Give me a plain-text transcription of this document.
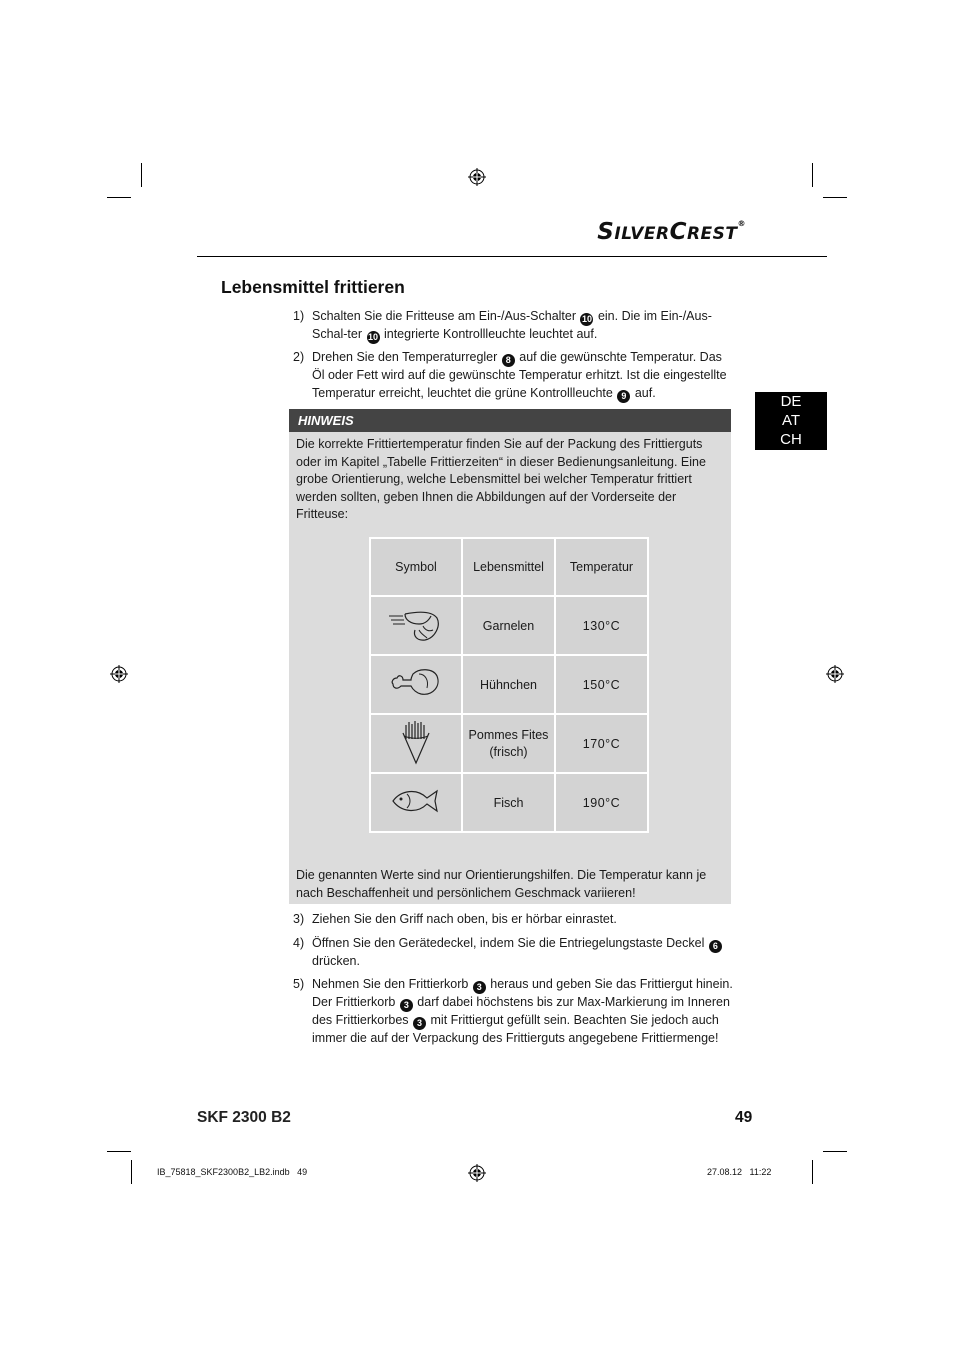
SILVERCREST®
Lebensmittel frittieren
1) Schalten Sie die Fritteuse am Ein-/Aus-Schalter 10 ein. Die im Ein-/Aus-Schal-ter 10 integrierte Kontrollleuchte leuchtet auf.
2) Drehen Sie den Temperaturregler 8 auf die gewünschte Temperatur. Das Öl oder Fett wird auf die gewünschte Temperatur erhitzt. Ist die eingestellte Temperatur erreicht, leuchtet die grüne Kontrollleuchte 9 auf.
DE
AT
CH
HINWEIS
Die korrekte Frittiertemperatur finden Sie auf der Packung des Frittierguts oder im Kapitel „Tabelle Frittierzeiten“ in dieser Bedienungsanleitung. Eine grobe Orientierung, welche Lebensmittel bei welcher Temperatur frittiert werden sollten, geben Ihnen die Abbildungen auf der Vorderseite der Fritteuse:
Symbol	Lebensmittel	Temperatur
	Garnelen	130°C
	Hühnchen	150°C
	Pommes Fites (frisch)	170°C
	Fisch	190°C
Die genannten Werte sind nur Orientierungshilfen. Die Temperatur kann je nach Beschaffenheit und persönlichem Geschmack variieren!
3) Ziehen Sie den Griff nach oben, bis er hörbar einrastet.
4) Öffnen Sie den Gerätedeckel, indem Sie die Entriegelungstaste Deckel 6 drücken.
5) Nehmen Sie den Frittierkorb 3 heraus und geben Sie das Frittiergut hinein. Der Frittierkorb 3 darf dabei höchstens bis zur Max-Markierung im Inneren des Frittierkorbes 3 mit Frittiergut gefüllt sein. Beachten Sie jedoch auch immer die auf der Verpackung des Frittierguts angegebene Frittiermenge!
SKF 2300 B2	49
IB_75818_SKF2300B2_LB2.indb   49	27.08.12   11:22
